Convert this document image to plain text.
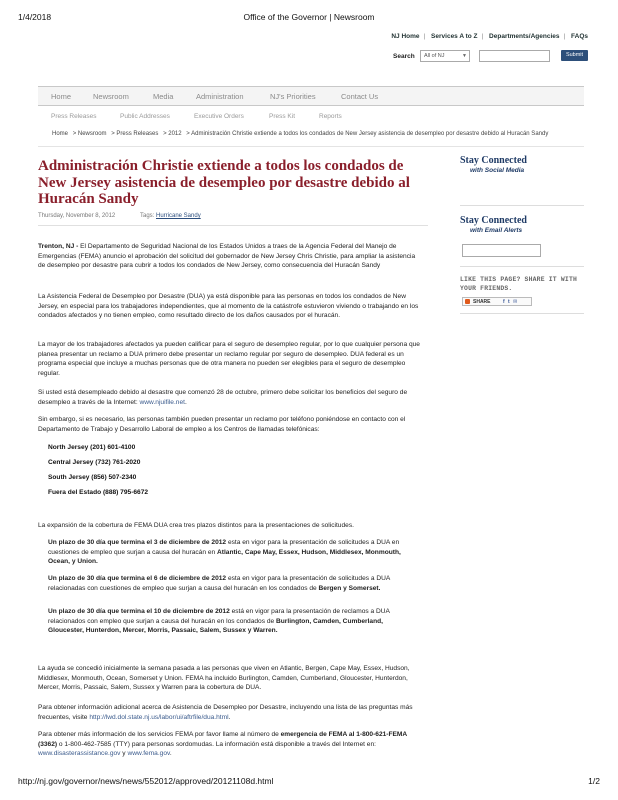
1/4/2018	Office of the Governor | Newsroom
NJ Home | Services A to Z | Departments/Agencies | FAQs
Search	All of NJ	▼	Submit
Home	Newsroom	Media	Administration	NJ's Priorities	Contact Us
Press Releases	Public Addresses	Executive Orders	Press Kit	Reports
Home > Newsroom > Press Releases > 2012 > Administración Christie extiende a todos los condados de New Jersey asistencia de desempleo por desastre debido al Huracán Sandy
Administración Christie extiende a todos los condados de New Jersey asistencia de desempleo por desastre debido al Huracán Sandy
Thursday, November 8, 2012	Tags: Hurricane Sandy

Trenton, NJ - El Departamento de Seguridad Nacional de los Estados Unidos a traes de la Agencia Federal del Manejo de Emergencias (FEMA) anuncio el aprobación del solicitud del gobernador de New Jersey Chris Christie, para ampliar la asistencia de desempleo por desastre para cubrir a todos los condados de New Jersey, como consecuencia del Huracán Sandy

La Asistencia Federal de Desempleo por Desastre (DUA) ya está disponible para las personas en todos los condados de New Jersey, en especial para los trabajadores independientes, que al momento de la catástrofe estuvieron viviendo o trabajando en los condados afectados y no tienen empleo, como resultado directo de los daños causados por el huracán.

La mayor de los trabajadores afectados ya pueden calificar para el seguro de desempleo regular, por lo que cualquier persona que planea presentar un reclamo a DUA primero debe presentar un reclamo regular por seguro de desempleo. DUA federal es un programa especial que incluye a muchas personas que de otra manera no pueden ser elegibles para el seguro de desempleo regular.

Si usted está desempleado debido al desastre que comenzó 28 de octubre, primero debe solicitar los beneficios del seguro de desempleo a través de la Internet: www.njuifile.net.

Sin embargo, si es necesario, las personas también pueden presentar un reclamo por teléfono poniéndose en contacto con el Departamento de Trabajo y Desarrollo Laboral de empleo a los Centros de llamadas telefónicas:

North Jersey (201) 601-4100
Central Jersey (732) 761-2020
South Jersey (856) 507-2340
Fuera del Estado (888) 795-6672

La expansión de la cobertura de FEMA DUA crea tres plazos distintos para la presentaciones de solicitudes.

Un plazo de 30 día que termina el 3 de diciembre de 2012 esta en vigor para la presentación de solicitudes a DUA en cuestiones de empleo que surjan a causa del huracán en Atlantic, Cape May, Essex, Hudson, Middlesex, Monmouth, Ocean, y Union.

Un plazo de 30 día que termina el 6 de diciembre de 2012 esta en vigor para la presentación de solicitudes a DUA relacionadas con cuestiones de empleo que surjan a causa del huracán en los condados de Bergen y Somerset.

Un plazo de 30 día que termina el 10 de diciembre de 2012 está en vigor para la presentación de reclamos a DUA relacionados con empleo que surjan a causa del huracán en los condados de Burlington, Camden, Cumberland, Gloucester, Hunterdon, Mercer, Morris, Passaic, Salem, Sussex y Warren.

La ayuda se concedió inicialmente la semana pasada a las personas que viven en Atlantic, Bergen, Cape May, Essex, Hudson, Middlesex, Monmouth, Ocean, Somerset y Union. FEMA ha incluido Burlington, Camden, Cumberland, Gloucester, Hunterdon, Mercer, Morris, Passaic, Salem, Sussex y Warren para la cobertura de DUA.

Para obtener información adicional acerca de Asistencia de Desempleo por Desastre, incluyendo una lista de las preguntas más frecuentes, visite http://lwd.dol.state.nj.us/labor/ui/aftrfile/dua.html.

Para obtener más información de los servicios FEMA por favor llame al número de emergencia de FEMA al 1-800-621-FEMA (3362) o 1-800-462-7585 (TTY) para personas sordomudas. La información está disponible a través del Internet en: www.disasterassistance.gov y www.fema.gov.

Stay Connected
with Social Media
Stay Connected
with Email Alerts
LIKE THIS PAGE? SHARE IT WITH YOUR FRIENDS.
SHARE f t ✉
http://nj.gov/governor/news/news/552012/approved/20121108d.html	1/2
